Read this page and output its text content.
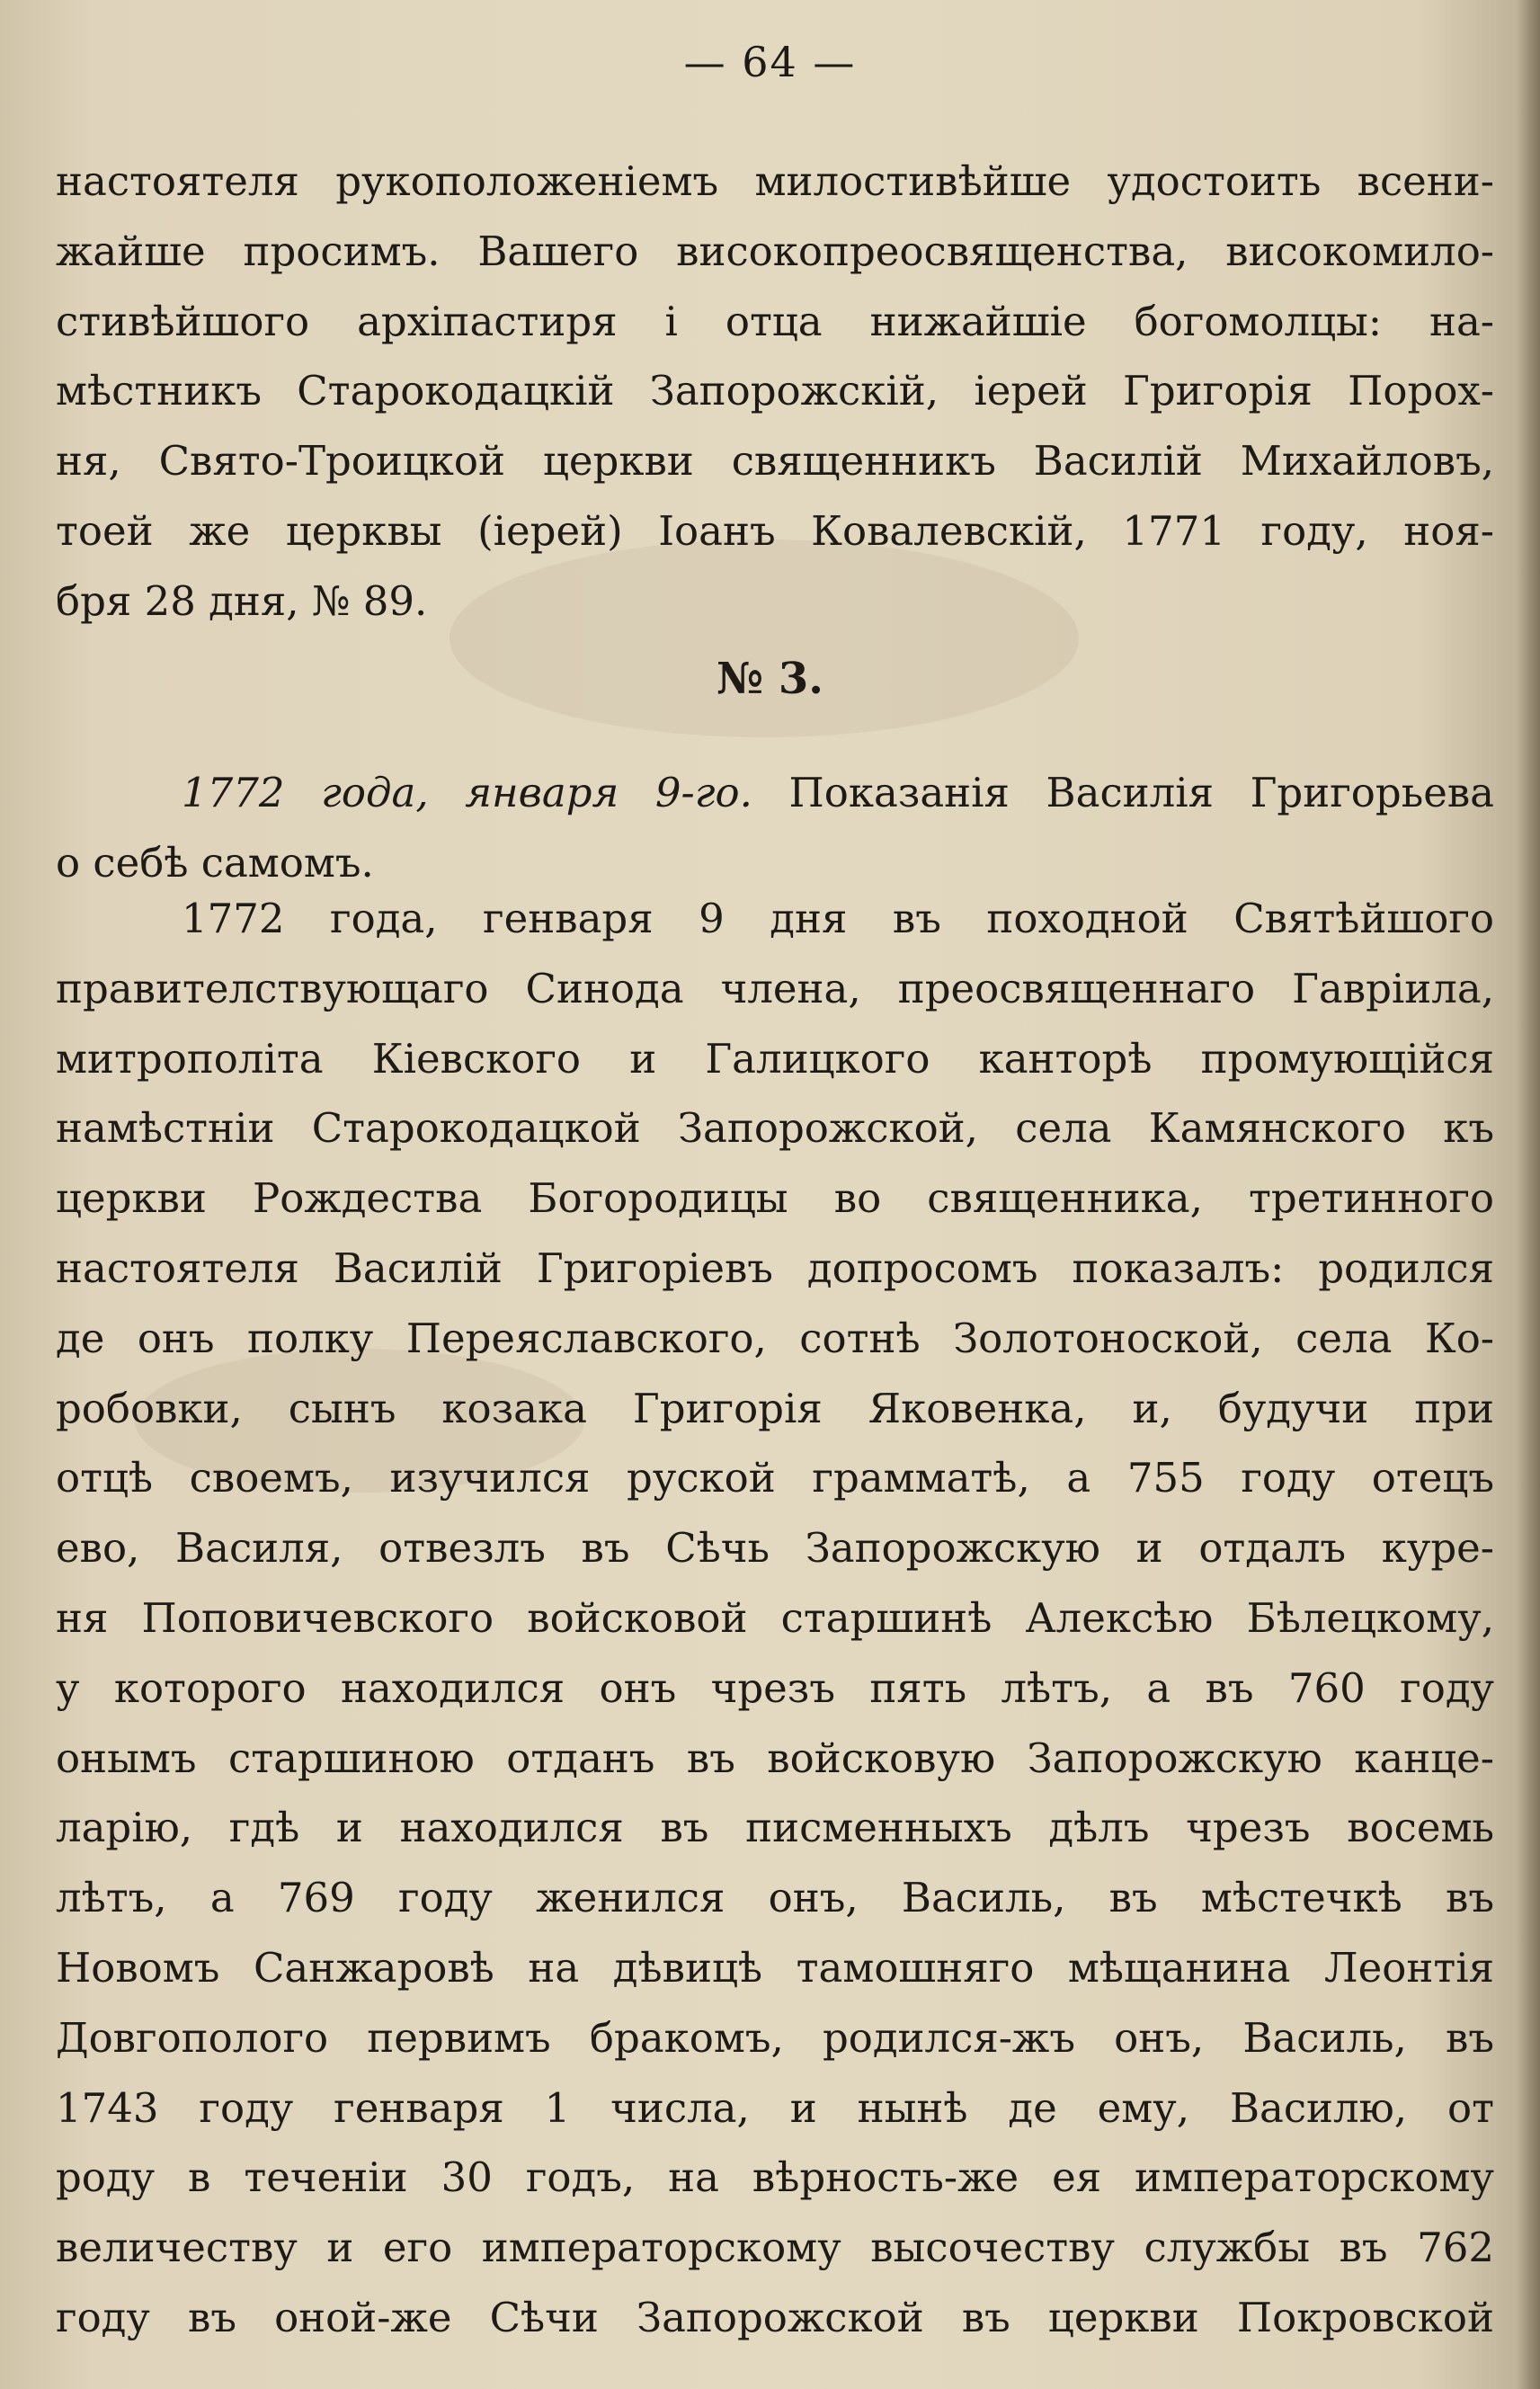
— 64 —
настоятеля рукоположеніемъ милостивѣйше удостоить всени-
жайше просимъ. Вашего високопреосвященства, високомило-
стивѣйшого архіпастиря і отца нижайшіе богомолцы: на-
мѣстникъ Старокодацкій Запорожскій, іерей Григорія Порох-
ня, Свято-Троицкой церкви священникъ Василій Михайловъ,
тоей же церквы (іерей) Іоанъ Ковалевскій, 1771 году, ноя-
бря 28 дня, № 89.
№ 3.
1772 года, января 9-го. Показанія Василія Григорьева
о себѣ самомъ.
1772 года, генваря 9 дня въ походной Святѣйшого
правителствующаго Синода члена, преосвященнаго Гавріила,
митрополіта Кіевского и Галицкого канторѣ промующійся
намѣстніи Старокодацкой Запорожской, села Камянского къ
церкви Рождества Богородицы во священника, третинного
настоятеля Василій Григоріевъ допросомъ показалъ: родился
де онъ полку Переяславского, сотнѣ Золотоноской, села Ко-
робовки, сынъ козака Григорія Яковенка, и, будучи при
отцѣ своемъ, изучился руской грамматѣ, а 755 году отецъ
ево, Василя, отвезлъ въ Сѣчь Запорожскую и отдалъ куре-
ня Поповичевского войсковой старшинѣ Алексѣю Бѣлецкому,
у которого находился онъ чрезъ пять лѣтъ, а въ 760 году
онымъ старшиною отданъ въ войсковую Запорожскую канце-
ларію, гдѣ и находился въ писменныхъ дѣлъ чрезъ восемь
лѣтъ, а 769 году женился онъ, Василь, въ мѣстечкѣ въ
Новомъ Санжаровѣ на дѣвицѣ тамошняго мѣщанина Леонтія
Довгополого первимъ бракомъ, родился-жъ онъ, Василь, въ
1743 году генваря 1 числа, и нынѣ де ему, Василю, от
роду в теченіи 30 годъ, на вѣрность-же ея императорскому
величеству и его императорскому высочеству службы въ 762
году въ оной-же Сѣчи Запорожской въ церкви Покровской
